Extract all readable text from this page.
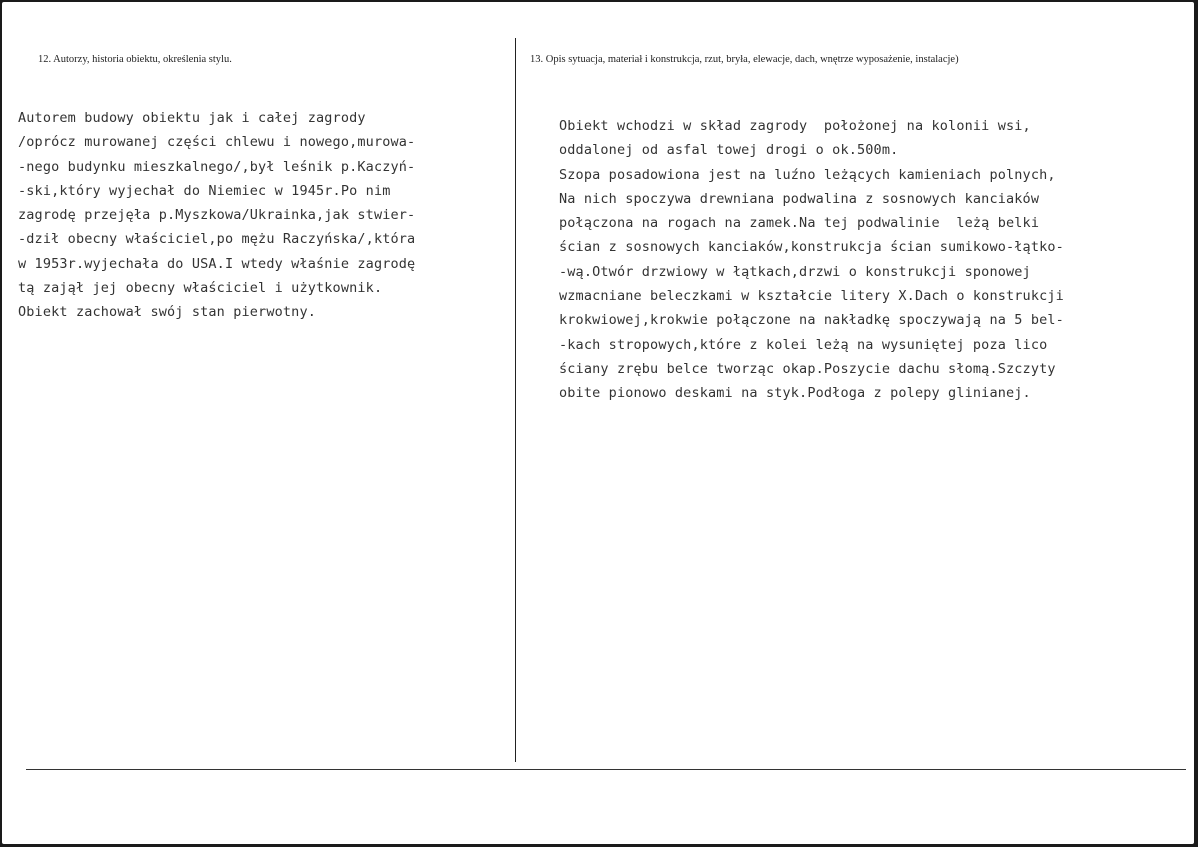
12. Autorzy, historia obiektu, określenia stylu.	13. Opis sytuacja, materiał i konstrukcja, rzut, bryła, elewacje, dach, wnętrze wyposażenie, instalacje)
Autorem budowy obiektu jak i całej zagrody
/oprócz murowanej części chlewu i nowego,murowa-
-nego budynku mieszkalnego/,był leśnik p.Kaczyń-
-ski,który wyjechał do Niemiec w 1945r.Po nim
zagrodę przejęła p.Myszkowa/Ukrainka,jak stwier-
-dził obecny właściciel,po mężu Raczyńska/,która
w 1953r.wyjechała do USA.I wtedy właśnie zagrodę
tą zajął jej obecny właściciel i użytkownik.
Obiekt zachował swój stan pierwotny.
Obiekt wchodzi w skład zagrody  położonej na kolonii wsi,
oddalonej od asfal towej drogi o ok.500m.
Szopa posadowiona jest na luźno leżących kamieniach polnych,
Na nich spoczywa drewniana podwalina z sosnowych kanciaków
połączona na rogach na zamek.Na tej podwalinie  leżą belki
ścian z sosnowych kanciaków,konstrukcja ścian sumikowo-łątko-
-wą.Otwór drzwiowy w łątkach,drzwi o konstrukcji sponowej
wzmacniane beleczkami w kształcie litery X.Dach o konstrukcji
krokwiowej,krokwie połączone na nakładkę spoczywają na 5 bel-
-kach stropowych,które z kolei leżą na wysuniętej poza lico
ściany zrębu belce tworząc okap.Poszycie dachu słomą.Szczyty
obite pionowo deskami na styk.Podłoga z polepy glinianej.
